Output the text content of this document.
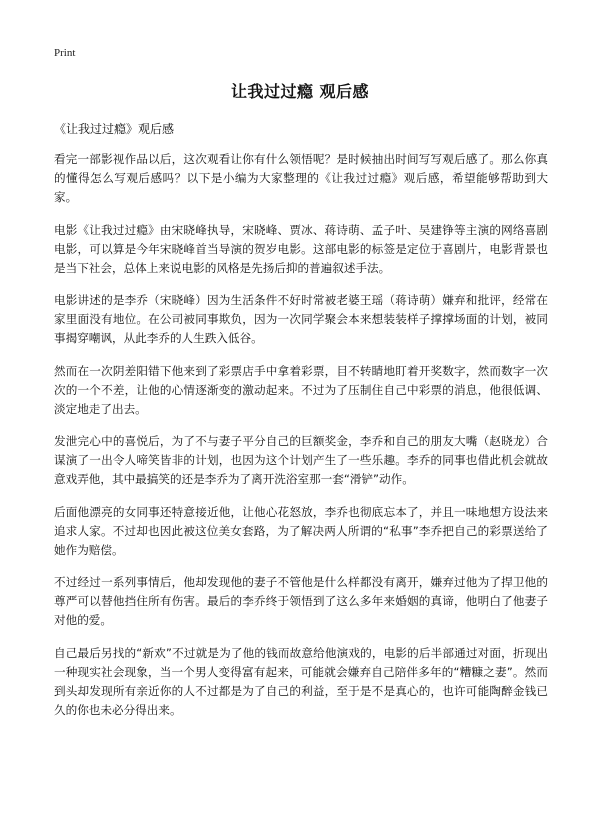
Print
让我过过瘾 观后感

《让我过过瘾》观后感

看完一部影视作品以后，这次观看让你有什么领悟呢？是时候抽出时间写写观后感了。那么你真的懂得怎么写观后感吗？以下是小编为大家整理的《让我过过瘾》观后感，希望能够帮助到大家。

电影《让我过过瘾》由宋晓峰执导，宋晓峰、贾冰、蒋诗萌、孟子叶、吴建铮等主演的网络喜剧电影，可以算是今年宋晓峰首当导演的贺岁电影。这部电影的标签是定位于喜剧片，电影背景也是当下社会，总体上来说电影的风格是先扬后抑的普遍叙述手法。

电影讲述的是李乔（宋晓峰）因为生活条件不好时常被老婆王瑶（蒋诗萌）嫌弃和批评，经常在家里面没有地位。在公司被同事欺负，因为一次同学聚会本来想装装样子撑撑场面的计划，被同事揭穿嘲讽，从此李乔的人生跌入低谷。

然而在一次阴差阳错下他来到了彩票店手中拿着彩票，目不转睛地盯着开奖数字，然而数字一次次的一个不差，让他的心情逐渐变的激动起来。不过为了压制住自己中彩票的消息，他很低调、淡定地走了出去。

发泄完心中的喜悦后，为了不与妻子平分自己的巨额奖金，李乔和自己的朋友大嘴（赵晓龙）合谋演了一出令人啼笑皆非的计划，也因为这个计划产生了一些乐趣。李乔的同事也借此机会就故意戏弄他，其中最搞笑的还是李乔为了离开洗浴室那一套“滑铲”动作。

后面他漂亮的女同事还特意接近他，让他心花怒放，李乔也彻底忘本了，并且一味地想方设法来追求人家。不过却也因此被这位美女套路，为了解决两人所谓的“私事”李乔把自己的彩票送给了她作为赔偿。

不过经过一系列事情后，他却发现他的妻子不管他是什么样都没有离开，嫌弃过他为了捍卫他的尊严可以替他挡住所有伤害。最后的李乔终于领悟到了这么多年来婚姻的真谛，他明白了他妻子对他的爱。

自己最后另找的“新欢”不过就是为了他的钱而故意给他演戏的，电影的后半部通过对面，折现出一种现实社会现象，当一个男人变得富有起来，可能就会嫌弃自己陪伴多年的“糟糠之妻”。然而到头却发现所有亲近你的人不过都是为了自己的利益，至于是不是真心的，也许可能陶醉金钱已久的你也未必分得出来。
